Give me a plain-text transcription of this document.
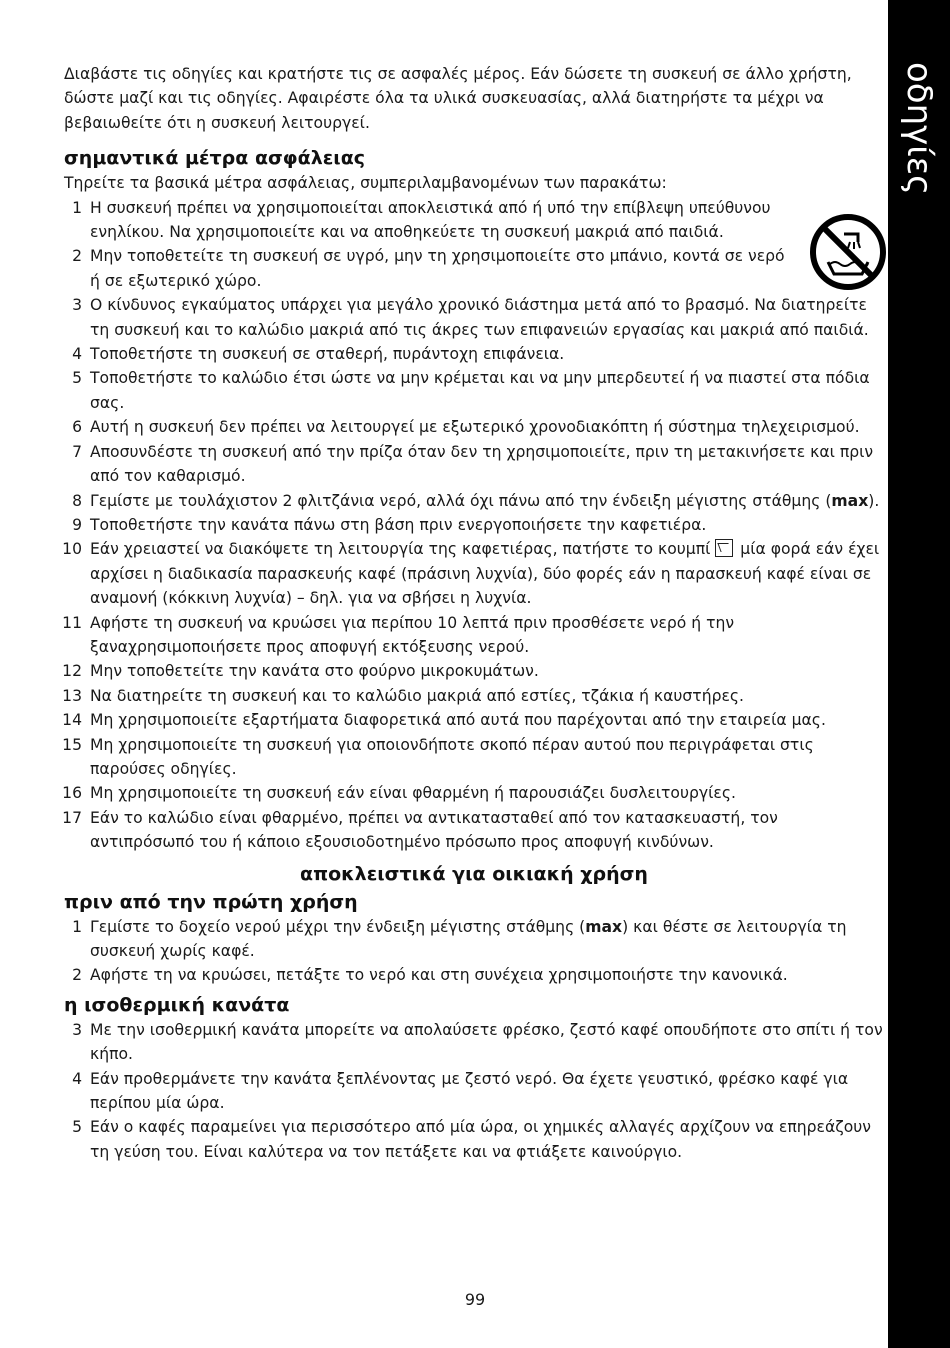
οδηγίες

Διαβάστε τις οδηγίες και κρατήστε τις σε ασφαλές μέρος. Εάν δώσετε τη συσκευή σε άλλο χρήστη, δώστε μαζί και τις οδηγίες. Αφαιρέστε όλα τα υλικά συσκευασίας, αλλά διατηρήστε τα μέχρι να βεβαιωθείτε ότι η συσκευή λειτουργεί.

σημαντικά μέτρα ασφάλειας

Τηρείτε τα βασικά μέτρα ασφάλειας, συμπεριλαμβανομένων των παρακάτω:

1 Η συσκευή πρέπει να χρησιμοποιείται αποκλειστικά από ή υπό την επίβλεψη υπεύθυνου ενηλίκου. Να χρησιμοποιείτε και να αποθηκεύετε τη συσκευή μακριά από παιδιά.
2 Μην τοποθετείτε τη συσκευή σε υγρό, μην τη χρησιμοποιείτε στο μπάνιο, κοντά σε νερό ή σε εξωτερικό χώρο.
3 Ο κίνδυνος εγκαύματος υπάρχει για μεγάλο χρονικό διάστημα μετά από το βρασμό. Να διατηρείτε τη συσκευή και το καλώδιο μακριά από τις άκρες των επιφανειών εργασίας και μακριά από παιδιά.
4 Τοποθετήστε τη συσκευή σε σταθερή, πυράντοχη επιφάνεια.
5 Τοποθετήστε το καλώδιο έτσι ώστε να μην κρέμεται και να μην μπερδευτεί ή να πιαστεί στα πόδια σας.
6 Αυτή η συσκευή δεν πρέπει να λειτουργεί με εξωτερικό χρονοδιακόπτη ή σύστημα τηλεχειρισμού.
7 Αποσυνδέστε τη συσκευή από την πρίζα όταν δεν τη χρησιμοποιείτε, πριν τη μετακινήσετε και πριν από τον καθαρισμό.
8 Γεμίστε με τουλάχιστον 2 φλιτζάνια νερό, αλλά όχι πάνω από την ένδειξη μέγιστης στάθμης (max).
9 Τοποθετήστε την κανάτα πάνω στη βάση πριν ενεργοποιήσετε την καφετιέρα.
10 Εάν χρειαστεί να διακόψετε τη λειτουργία της καφετιέρας, πατήστε το κουμπί  μία φορά εάν έχει αρχίσει η διαδικασία παρασκευής καφέ (πράσινη λυχνία), δύο φορές εάν η παρασκευή καφέ είναι σε αναμονή (κόκκινη λυχνία) – δηλ. για να σβήσει η λυχνία.
11 Αφήστε τη συσκευή να κρυώσει για περίπου 10 λεπτά πριν προσθέσετε νερό ή την ξαναχρησιμοποιήσετε προς αποφυγή εκτόξευσης νερού.
12 Μην τοποθετείτε την κανάτα στο φούρνο μικροκυμάτων.
13 Να διατηρείτε τη συσκευή και το καλώδιο μακριά από εστίες, τζάκια ή καυστήρες.
14 Μη χρησιμοποιείτε εξαρτήματα διαφορετικά από αυτά που παρέχονται από την εταιρεία μας.
15 Μη χρησιμοποιείτε τη συσκευή για οποιονδήποτε σκοπό πέραν αυτού που περιγράφεται στις παρούσες οδηγίες.
16 Μη χρησιμοποιείτε τη συσκευή εάν είναι φθαρμένη ή παρουσιάζει δυσλειτουργίες.
17 Εάν το καλώδιο είναι φθαρμένο, πρέπει να αντικατασταθεί από τον κατασκευαστή, τον αντιπρόσωπό του ή κάποιο εξουσιοδοτημένο πρόσωπο προς αποφυγή κινδύνων.
αποκλειστικά για οικιακή χρήση
πριν από την πρώτη χρήση
1 Γεμίστε το δοχείο νερού μέχρι την ένδειξη μέγιστης στάθμης (max) και θέστε σε λειτουργία τη συσκευή χωρίς καφέ.
2 Αφήστε τη να κρυώσει, πετάξτε το νερό και στη συνέχεια χρησιμοποιήστε την κανονικά.
η ισοθερμική κανάτα
3 Με την ισοθερμική κανάτα μπορείτε να απολαύσετε φρέσκο, ζεστό καφέ οπουδήποτε στο σπίτι ή τον κήπο.
4 Εάν προθερμάνετε την κανάτα ξεπλένοντας με ζεστό νερό. Θα έχετε γευστικό, φρέσκο καφέ για περίπου μία ώρα.
5 Εάν ο καφές παραμείνει για περισσότερο από μία ώρα, οι χημικές αλλαγές αρχίζουν να επηρεάζουν τη γεύση του. Είναι καλύτερα να τον πετάξετε και να φτιάξετε καινούργιο.
99
